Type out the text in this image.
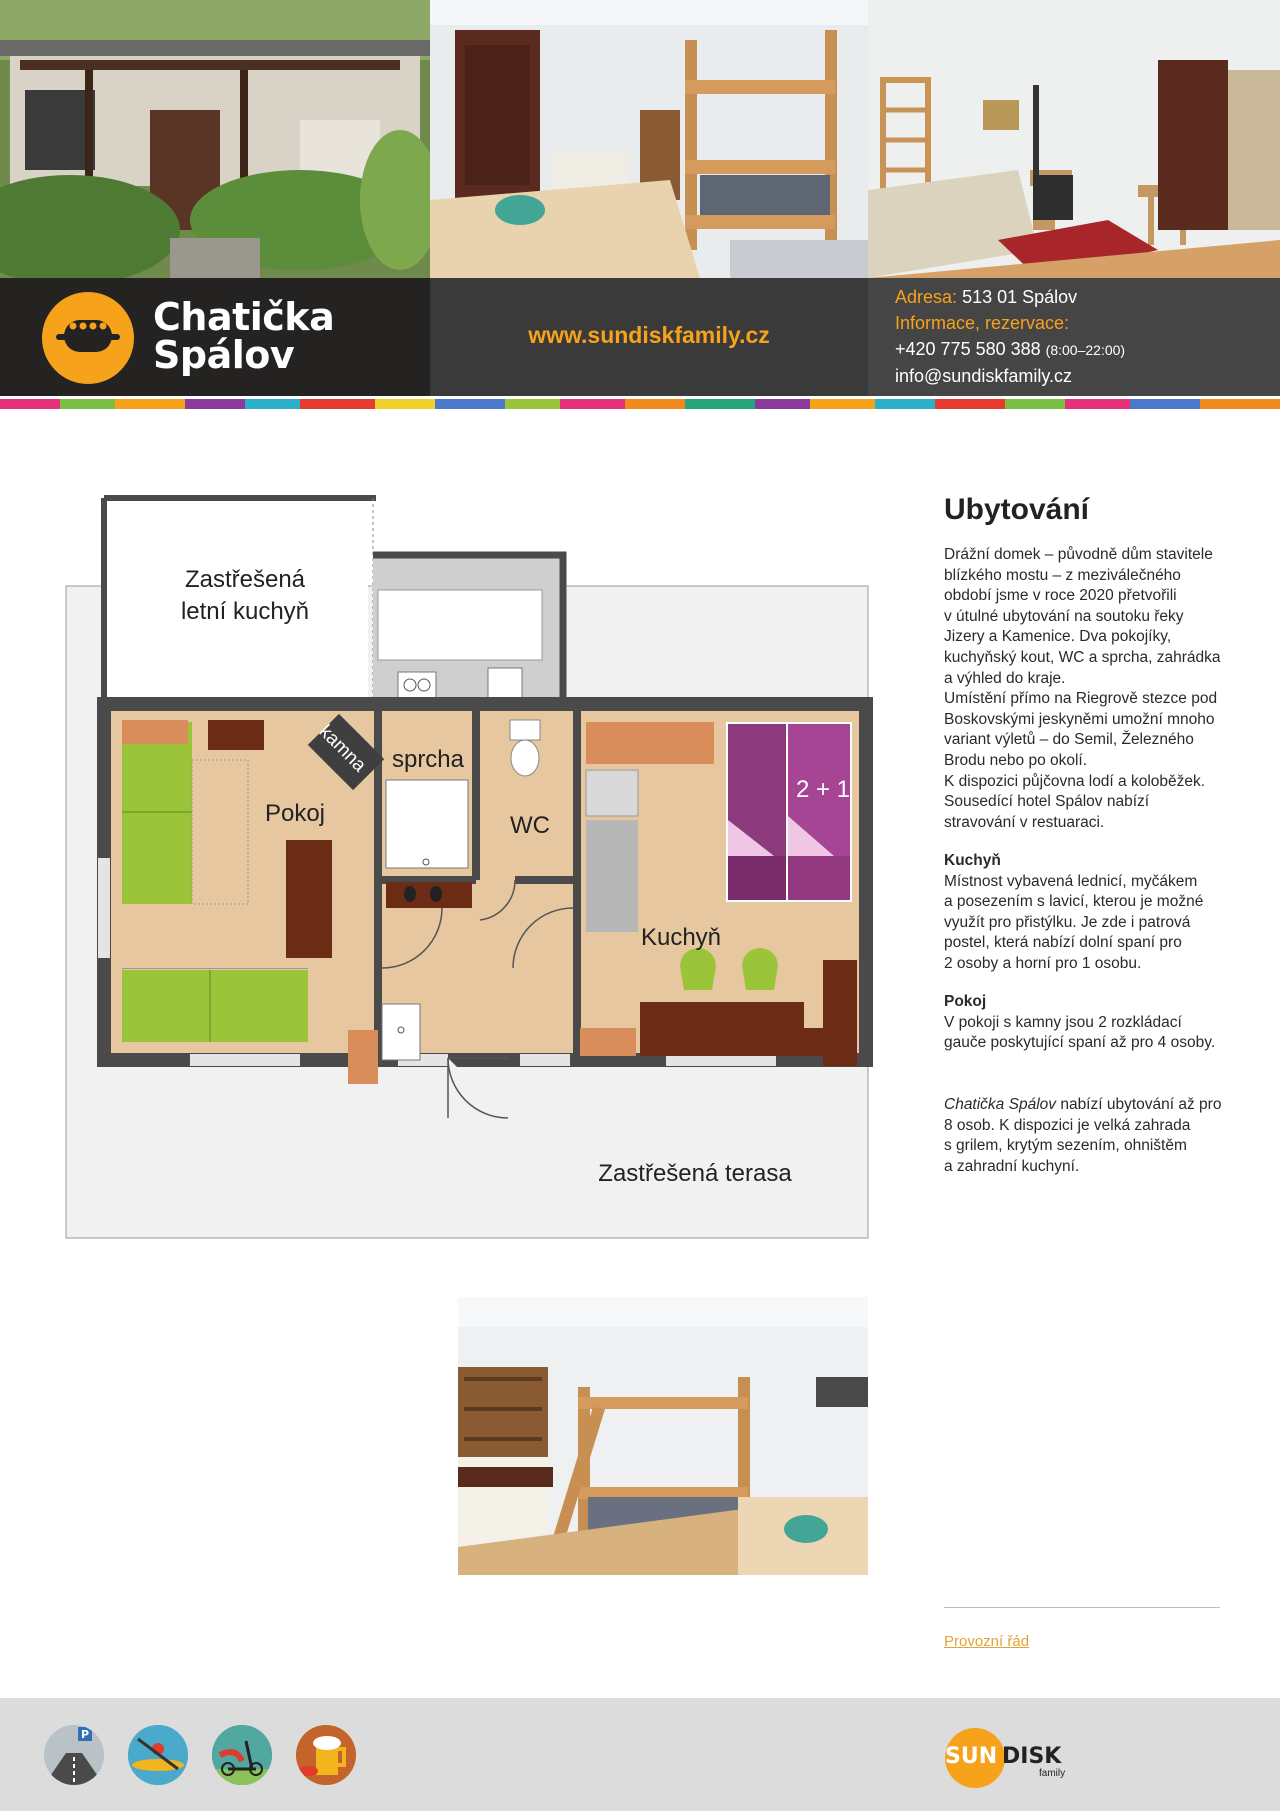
Chatička
Spálov	www.sundiskfamily.cz
Adresa: 513 01 Spálov
Informace, rezervace:
+420 775 580 388 (8:00–22:00)
info@sundiskfamily.cz
Zastřešená
letní kuchyň
kamna sprcha
Pokoj	WC
2 + 1
Kuchyň
Zastřešená terasa
Ubytování
Drážní domek – původně dům stavitele
blízkého mostu – z meziválečného
období jsme v roce 2020 přetvořili
v útulné ubytování na soutoku řeky
Jizery a Kamenice. Dva pokojíky,
kuchyňský kout, WC a sprcha, zahrádka
a výhled do kraje.
Umístění přímo na Riegrově stezce pod
Boskovskými jeskyněmi umožní mnoho
variant výletů – do Semil, Železného
Brodu nebo po okolí.
K dispozici půjčovna lodí a koloběžek.
Sousedící hotel Spálov nabízí
stravování v restuaraci.
Kuchyň
Místnost vybavená lednicí, myčákem
a posezením s lavicí, kterou je možné
využít pro přistýlku. Je zde i patrová
postel, která nabízí dolní spaní pro
2 osoby a horní pro 1 osobu.
Pokoj
V pokoji s kamny jsou 2 rozkládací
gauče poskytující spaní až pro 4 osoby.
Chatička Spálov nabízí ubytování až pro
8 osob. K dispozici je velká zahrada
s grilem, krytým sezením, ohništěm
a zahradní kuchyní.
Provozní řád
P
SUN DISK
family
